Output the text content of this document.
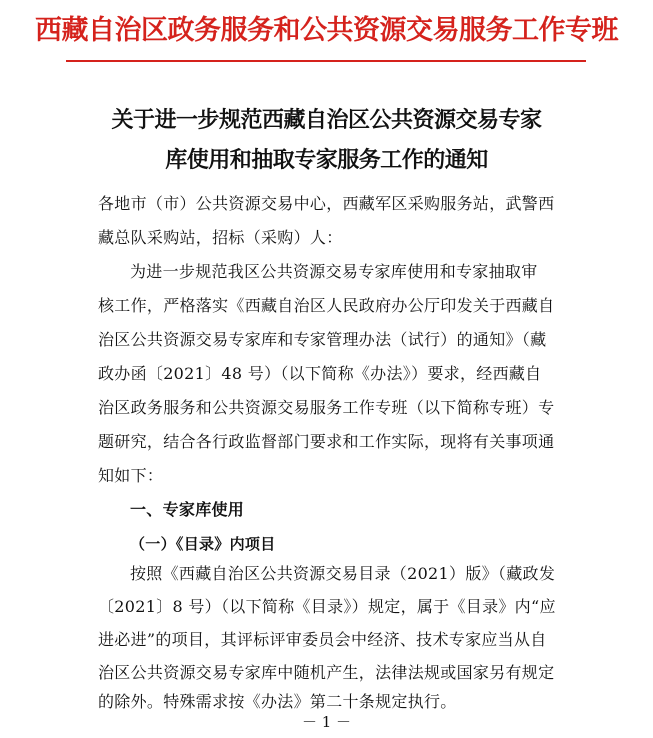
西藏自治区政务服务和公共资源交易服务工作专班
关于进一步规范西藏自治区公共资源交易专家
库使用和抽取专家服务工作的通知
各地市（市）公共资源交易中心，西藏军区采购服务站，武警西
藏总队采购站，招标（采购）人：
为进一步规范我区公共资源交易专家库使用和专家抽取审
核工作，严格落实《西藏自治区人民政府办公厅印发关于西藏自
治区公共资源交易专家库和专家管理办法（试行）的通知》（藏
政办函〔2021〕48 号）（以下简称《办法》）要求，经西藏自
治区政务服务和公共资源交易服务工作专班（以下简称专班）专
题研究，结合各行政监督部门要求和工作实际，现将有关事项通
知如下：
一、专家库使用
（一）《目录》内项目
按照《西藏自治区公共资源交易目录（2021）版》（藏政发
〔2021〕8 号）（以下简称《目录》）规定，属于《目录》内“应
进必进”的项目，其评标评审委员会中经济、技术专家应当从自
治区公共资源交易专家库中随机产生，法律法规或国家另有规定
的除外。特殊需求按《办法》第二十条规定执行。
－ 1 －
